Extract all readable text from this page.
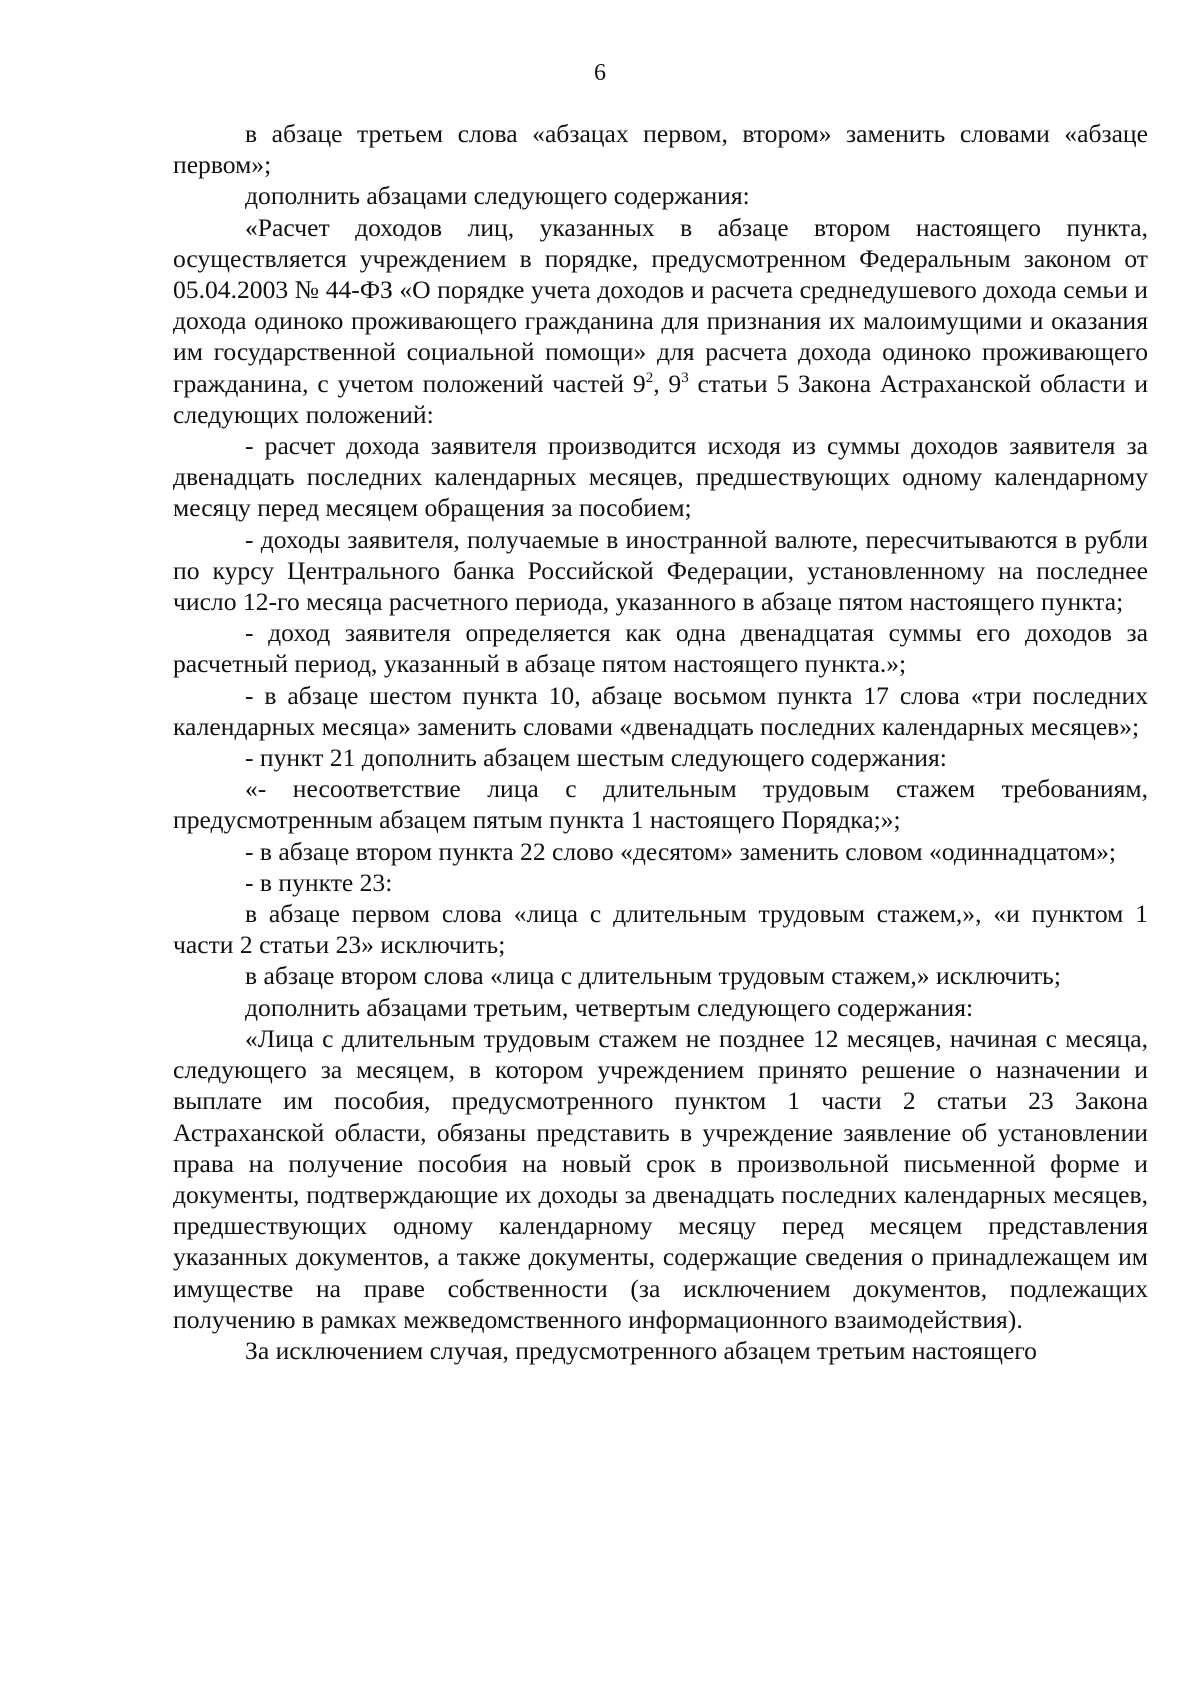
6

в абзаце третьем слова «абзацах первом, втором» заменить словами «абзаце первом»;

дополнить абзацами следующего содержания:

«Расчет доходов лиц, указанных в абзаце втором настоящего пункта, осуществляется учреждением в порядке, предусмотренном Федеральным законом от 05.04.2003 № 44-ФЗ «О порядке учета доходов и расчета среднедушевого дохода семьи и дохода одиноко проживающего гражданина для признания их малоимущими и оказания им государственной социальной помощи» для расчета дохода одиноко проживающего гражданина, с учетом положений частей $9^2$, $9^3$ статьи 5 Закона Астраханской области и следующих положений:

- расчет дохода заявителя производится исходя из суммы доходов заявителя за двенадцать последних календарных месяцев, предшествующих одному календарному месяцу перед месяцем обращения за пособием;

- доходы заявителя, получаемые в иностранной валюте, пересчитываются в рубли по курсу Центрального банка Российской Федерации, установленному на последнее число 12-го месяца расчетного периода, указанного в абзаце пятом настоящего пункта;

- доход заявителя определяется как одна двенадцатая суммы его доходов за расчетный период, указанный в абзаце пятом настоящего пункта.»;

- в абзаце шестом пункта 10, абзаце восьмом пункта 17 слова «три последних календарных месяца» заменить словами «двенадцать последних календарных месяцев»;

- пункт 21 дополнить абзацем шестым следующего содержания:

«- несоответствие лица с длительным трудовым стажем требованиям, предусмотренным абзацем пятым пункта 1 настоящего Порядка;»;

- в абзаце втором пункта 22 слово «десятом» заменить словом «одиннадцатом»;

- в пункте 23:

в абзаце первом слова «лица с длительным трудовым стажем,», «и пунктом 1 части 2 статьи 23» исключить;

в абзаце втором слова «лица с длительным трудовым стажем,» исключить;

дополнить абзацами третьим, четвертым следующего содержания:

«Лица с длительным трудовым стажем не позднее 12 месяцев, начиная с месяца, следующего за месяцем, в котором учреждением принято решение о назначении и выплате им пособия, предусмотренного пунктом 1 части 2 статьи 23 Закона Астраханской области, обязаны представить в учреждение заявление об установлении права на получение пособия на новый срок в произвольной письменной форме и документы, подтверждающие их доходы за двенадцать последних календарных месяцев, предшествующих одному календарному месяцу перед месяцем представления указанных документов, а также документы, содержащие сведения о принадлежащем им имуществе на праве собственности (за исключением документов, подлежащих получению в рамках межведомственного информационного взаимодействия).

За исключением случая, предусмотренного абзацем третьим настоящего
